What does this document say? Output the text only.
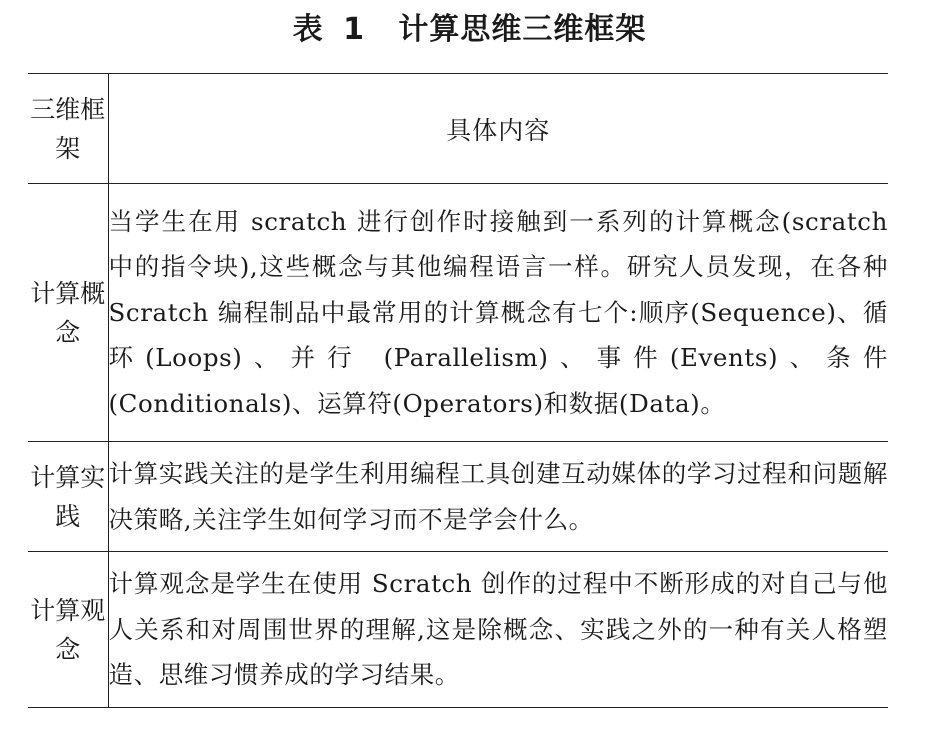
表 1 计算思维三维框架
三维框架	具体内容
计算概念	当学生在用 scratch 进行创作时接触到一系列的计算概念(scratch 中的指令块),这些概念与其他编程语言一样。研究人员发现，在各种 Scratch 编程制品中最常用的计算概念有七个:顺序(Sequence)、循环(Loops)、并行 (Parallelism)、事件(Events)、条件(Conditionals)、运算符(Operators)和数据(Data)。
计算实践	计算实践关注的是学生利用编程工具创建互动媒体的学习过程和问题解决策略,关注学生如何学习而不是学会什么。
计算观念	计算观念是学生在使用 Scratch 创作的过程中不断形成的对自己与他人关系和对周围世界的理解,这是除概念、实践之外的一种有关人格塑造、思维习惯养成的学习结果。
